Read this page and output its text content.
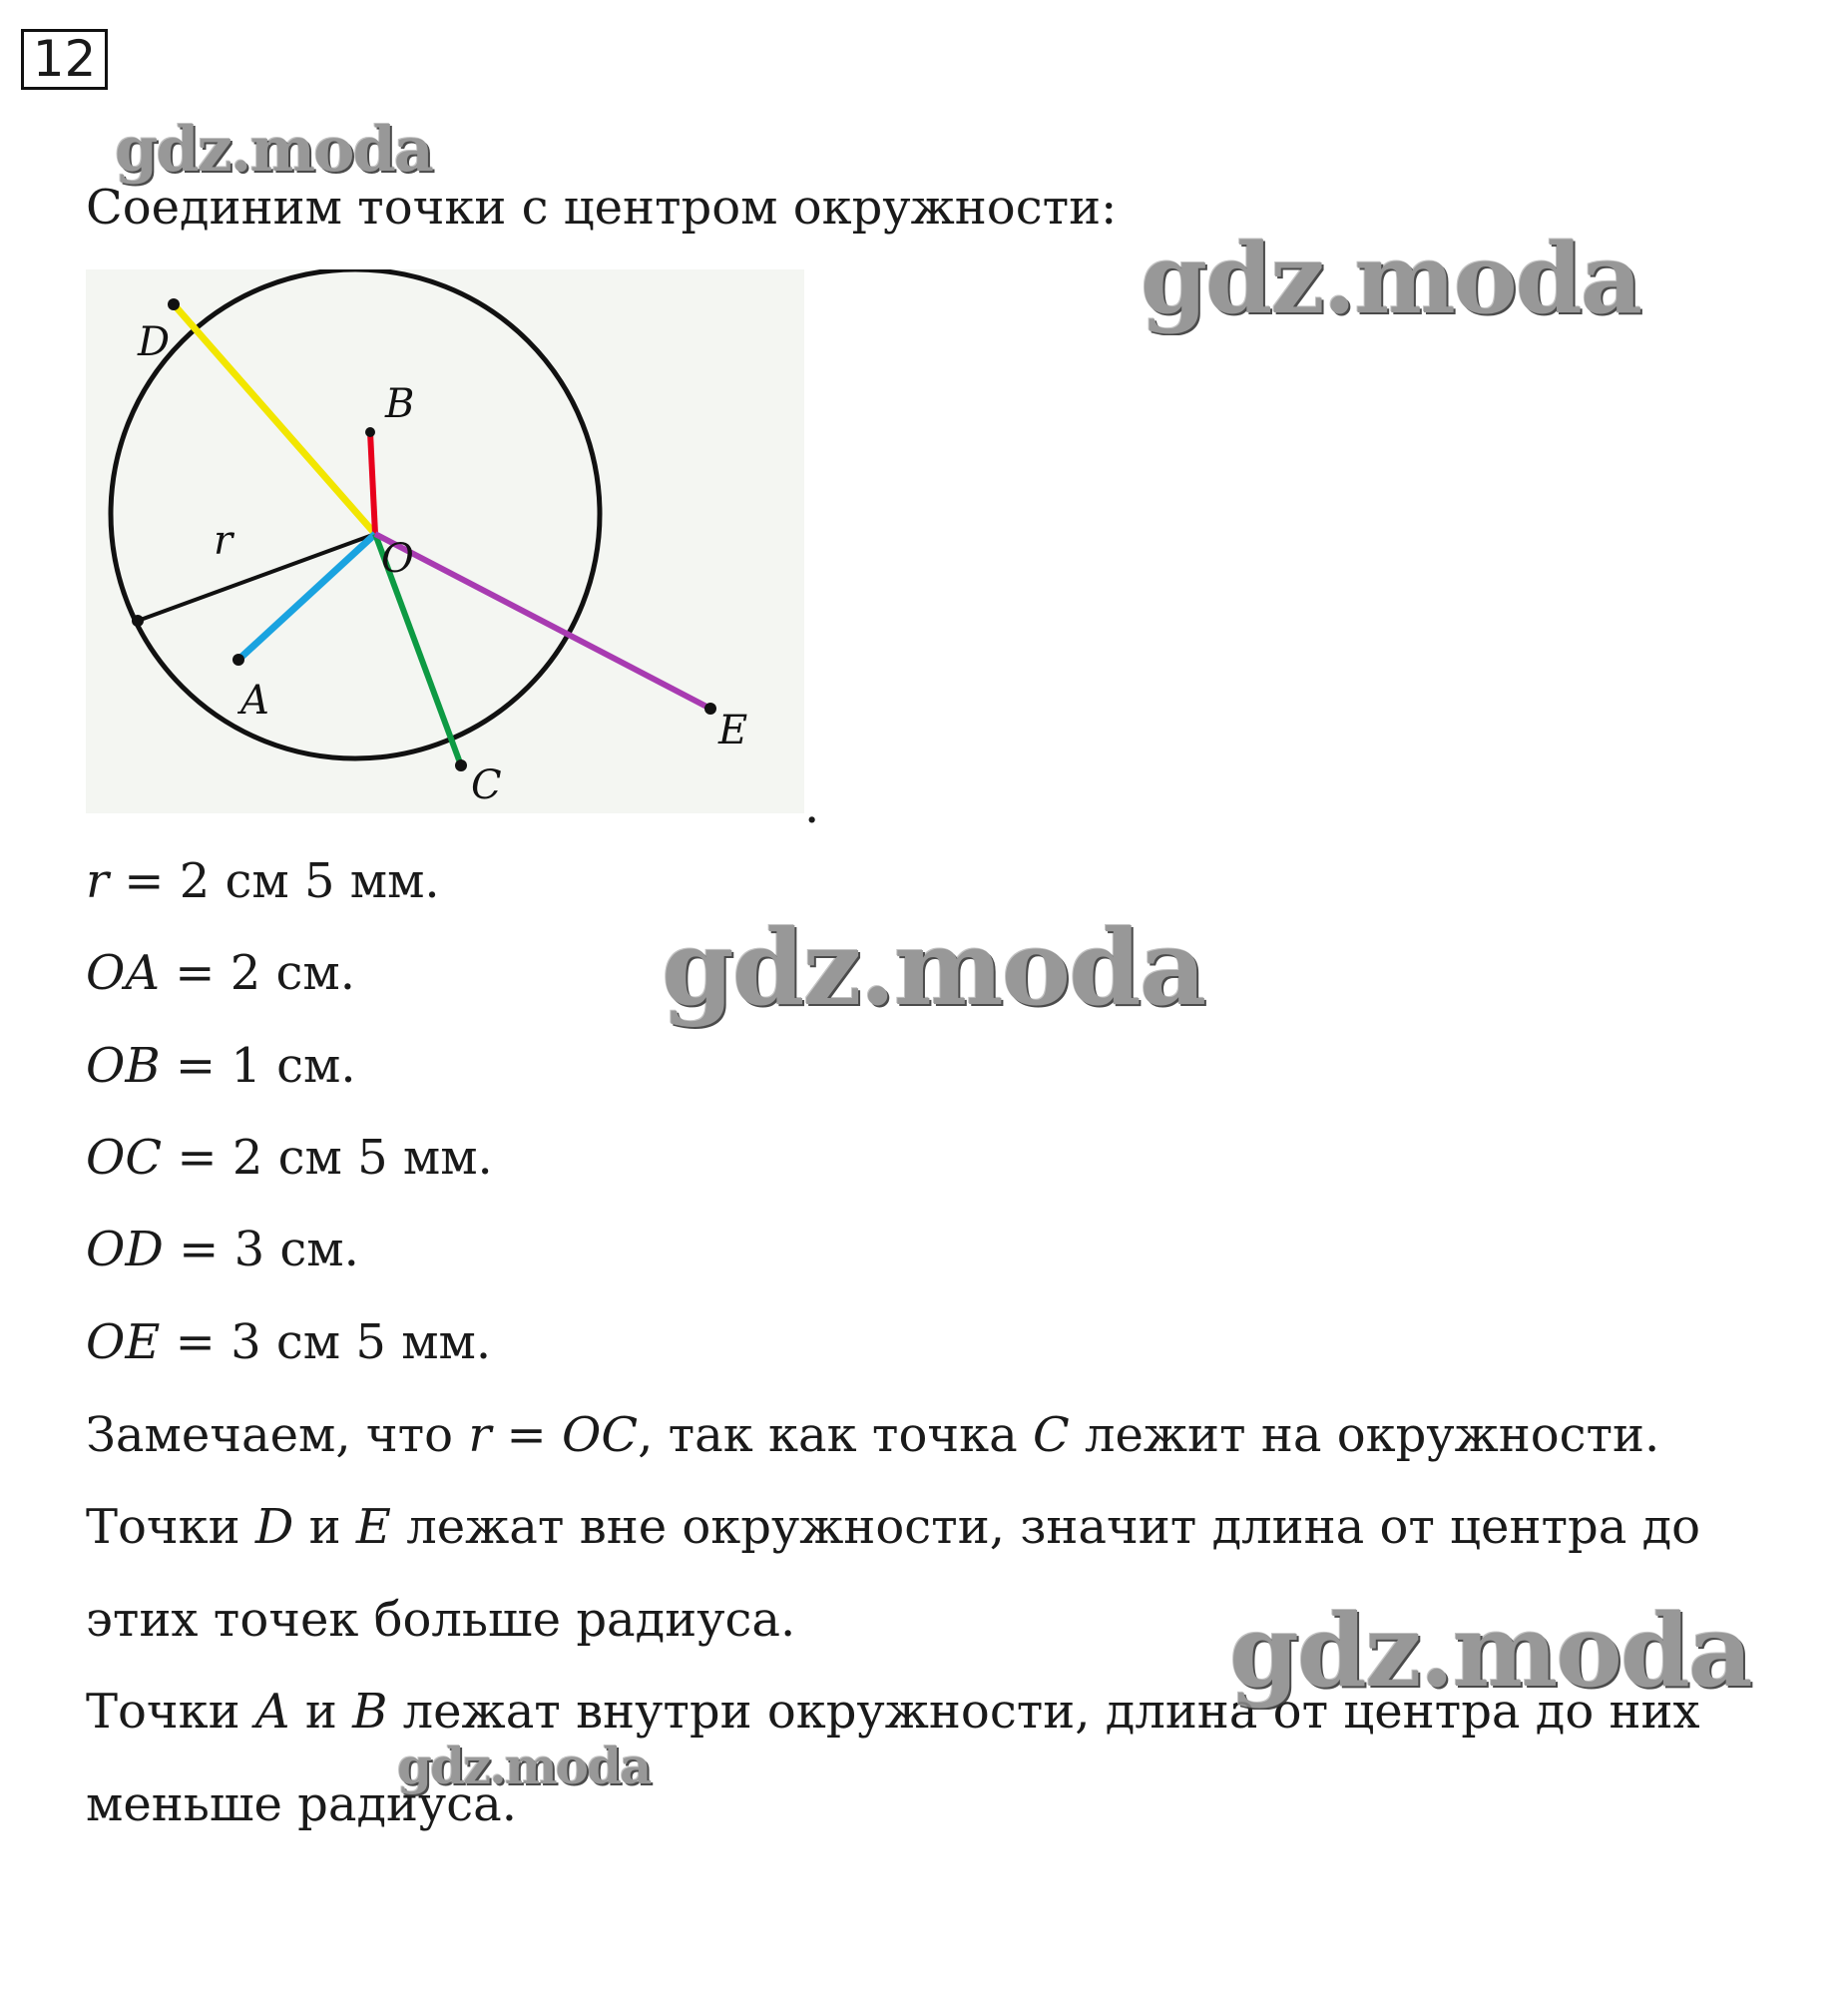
12
Соединим точки с центром окружности:
D
B
r	O
A
E
C	.
r = 2 см 5 мм.
OA = 2 см.
OB = 1 см.
OC = 2 см 5 мм.
OD = 3 см.
OE = 3 см 5 мм.
Замечаем, что r = OC, так как точка C лежит на окружности.
Точки D и E лежат вне окружности, значит длина от центра до
этих точек больше радиуса.
Точки A и B лежат внутри окружности, длина от центра до них
меньше радиуса.
gdz.moda
gdz.moda
gdz.moda
gdz.moda
gdz.moda
